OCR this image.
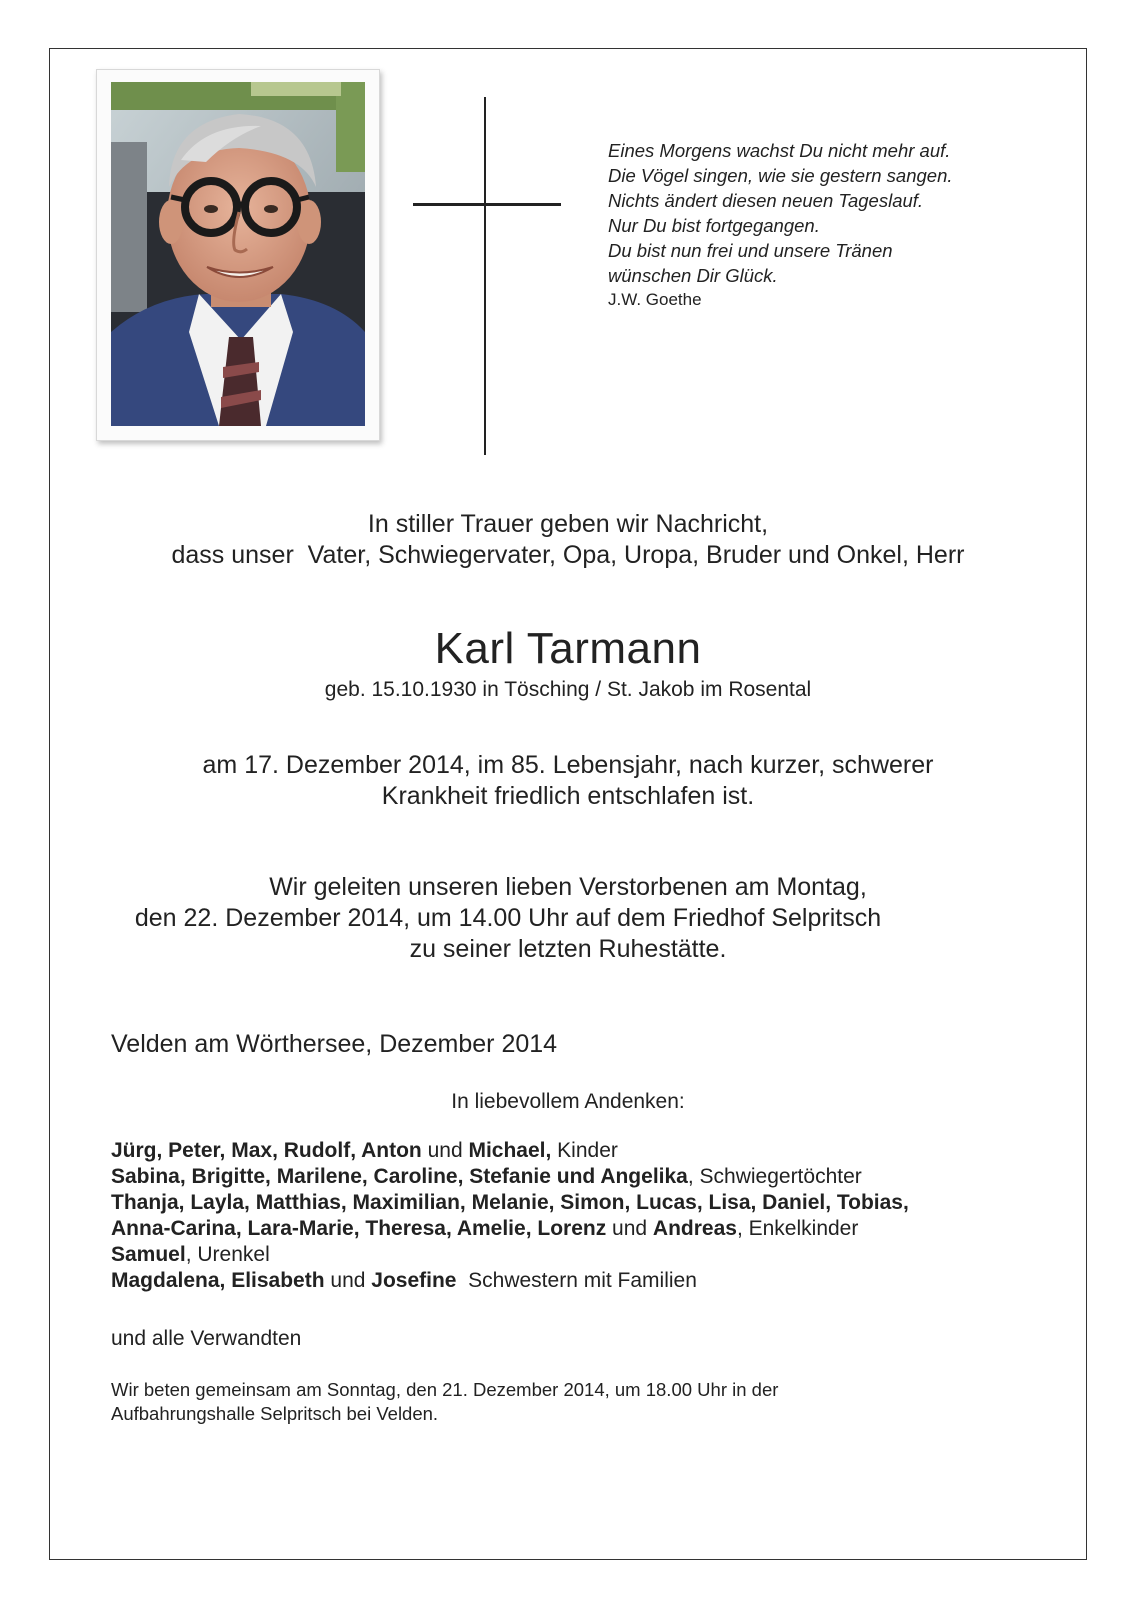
Eines Morgens wachst Du nicht mehr auf.
Die Vögel singen, wie sie gestern sangen.
Nichts ändert diesen neuen Tageslauf.
Nur Du bist fortgegangen.
Du bist nun frei und unsere Tränen
wünschen Dir Glück.
J.W. Goethe
In stiller Trauer geben wir Nachricht,
dass unser  Vater, Schwiegervater, Opa, Uropa, Bruder und Onkel, Herr
Karl Tarmann
geb. 15.10.1930 in Tösching / St. Jakob im Rosental
am 17. Dezember 2014, im 85. Lebensjahr, nach kurzer, schwerer
Krankheit friedlich entschlafen ist.
Wir geleiten unseren lieben Verstorbenen am Montag,
den 22. Dezember 2014, um 14.00 Uhr auf dem Friedhof Selpritsch
zu seiner letzten Ruhestätte.
Velden am Wörthersee, Dezember 2014
In liebevollem Andenken:
Jürg, Peter, Max, Rudolf, Anton und Michael, Kinder
Sabina, Brigitte, Marilene, Caroline, Stefanie und Angelika, Schwiegertöchter
Thanja, Layla, Matthias, Maximilian, Melanie, Simon, Lucas, Lisa, Daniel, Tobias,
Anna-Carina, Lara-Marie, Theresa, Amelie, Lorenz und Andreas, Enkelkinder
Samuel, Urenkel
Magdalena, Elisabeth und Josefine  Schwestern mit Familien
und alle Verwandten
Wir beten gemeinsam am Sonntag, den 21. Dezember 2014, um 18.00 Uhr in der
Aufbahrungshalle Selpritsch bei Velden.
